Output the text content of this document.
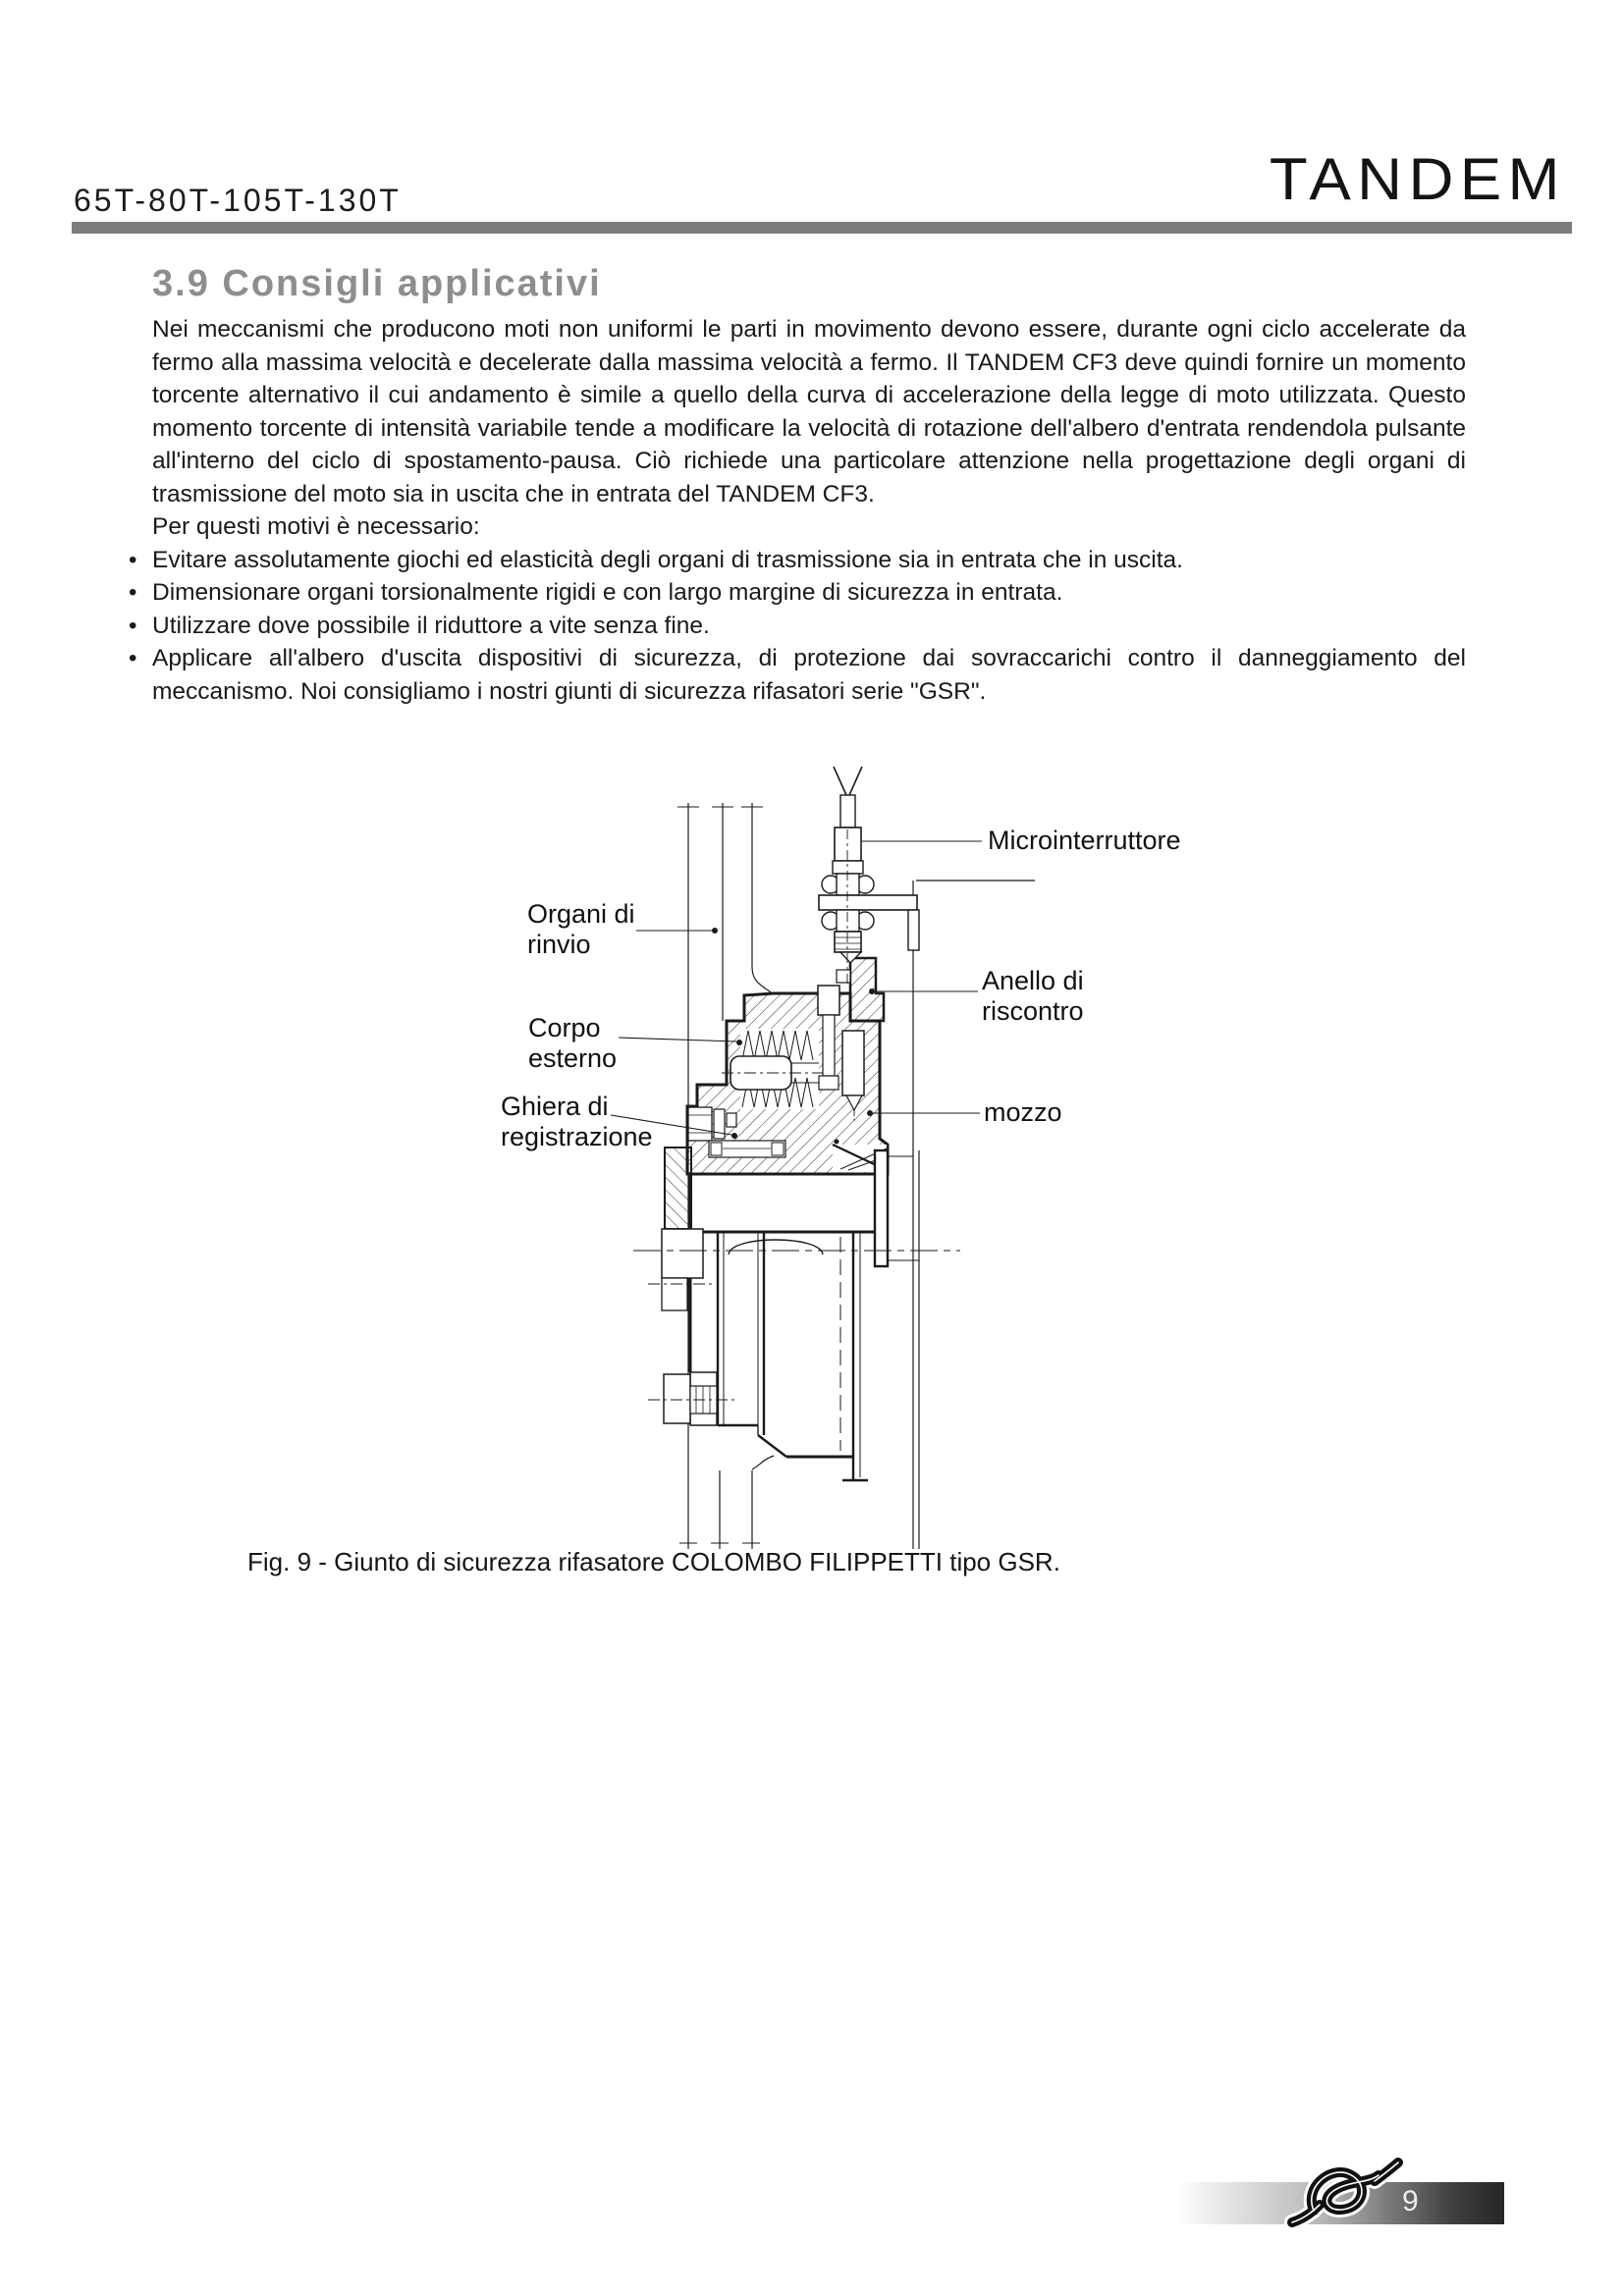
65T-80T-105T-130T	TANDEM
3.9 Consigli applicativi

Nei meccanismi che producono moti non uniformi le parti in movimento devono essere, durante ogni ciclo accelerate da fermo alla massima velocità e decelerate dalla massima velocità a fermo. Il TANDEM CF3 deve quindi fornire un momento torcente alternativo il cui andamento è simile a quello della curva di accelerazione della legge di moto utilizzata. Questo momento torcente di intensità variabile tende a modificare la velocità di rotazione dell'albero d'entrata rendendola pulsante all'interno del ciclo di spostamento-pausa. Ciò richiede una particolare attenzione nella progettazione degli organi di trasmissione del moto sia in uscita che in entrata del TANDEM CF3.

Per questi motivi è necessario:

• Evitare assolutamente giochi ed elasticità degli organi di trasmissione sia in entrata che in uscita.
• Dimensionare organi torsionalmente rigidi e con largo margine di sicurezza in entrata.
• Utilizzare dove possibile il riduttore a vite senza fine.
• Applicare all'albero d'uscita dispositivi di sicurezza, di protezione dai sovraccarichi contro il danneggiamento del meccanismo. Noi consigliamo i nostri giunti di sicurezza rifasatori serie "GSR".
Microinterruttore
Organi di
rinvio
Anello di
riscontro
Corpo
esterno
Ghiera di
registrazione
mozzo
Fig. 9 - Giunto di sicurezza rifasatore COLOMBO FILIPPETTI tipo GSR.
9
